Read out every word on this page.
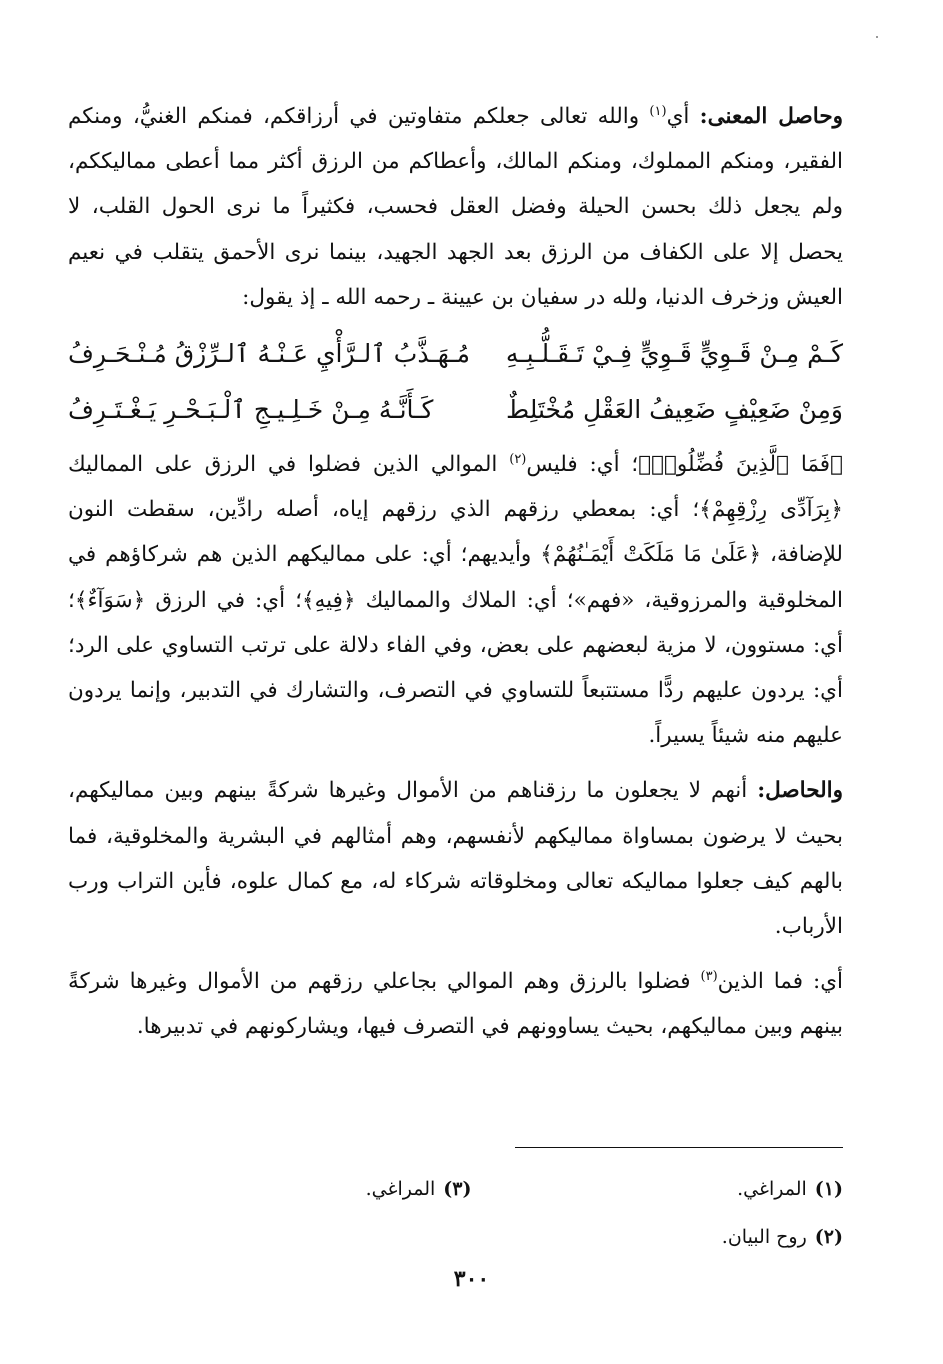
وحاصل المعنى: أي$^{(١)}$ والله تعالى جعلكم متفاوتين في أرزاقكم، فمنكم الغنيُّ، ومنكم الفقير، ومنكم المملوك، ومنكم المالك، وأعطاكم من الرزق أكثر مما أعطى مماليككم، ولم يجعل ذلك بحسن الحيلة وفضل العقل فحسب، فكثيراً ما نرى الحول القلب، لا يحصل إلا على الكفاف من الرزق بعد الجهد الجهيد، بينما نرى الأحمق يتقلب في نعيم العيش وزخرف الدنيا، ولله در سفيان بن عيينة ـ رحمه الله ـ إذ يقول:

كَـمْ مِـنْ قَـوِيٍّ قَـوِيٍّ فِـيْ تَـقَـلُّـبِـهِ
مُـهَـذَّبُ ٱلـرَّأْيِ عَـنْـهُ ٱلـرِّزْقُ مُـنْـحَـرِفُ
وَمِنْ ضَعِيْفٍ ضَعِيفُ العَقْلِ مُخْتَلِطٌ
كَـأَنَّـهُ مِـنْ خَـلِـيـجِ ٱلْـبَـحْـرِ يَـغْـتَـرِفُ

﴿فَمَا ٱلَّذِينَ فُضِّلُوا۟﴾؛ أي: فليس$^{(٢)}$ الموالي الذين فضلوا في الرزق على المماليك ﴿بِرَآدِّى رِزْقِهِمْ﴾؛ أي: بمعطي رزقهم الذي رزقهم إياه، أصله رادِّين، سقطت النون للإضافة، ﴿عَلَىٰ مَا مَلَكَتْ أَيْمَـٰنُهُمْ﴾ وأيديهم؛ أي: على مماليكهم الذين هم شركاؤهم في المخلوقية والمرزوقية، «فهم»؛ أي: الملاك والمماليك ﴿فِيهِ﴾؛ أي: في الرزق ﴿سَوَآءٌ﴾؛ أي: مستوون، لا مزية لبعضهم على بعض، وفي الفاء دلالة على ترتب التساوي على الرد؛ أي: يردون عليهم ردًّا مستتبعاً للتساوي في التصرف، والتشارك في التدبير، وإنما يردون عليهم منه شيئاً يسيراً.

والحاصل: أنهم لا يجعلون ما رزقناهم من الأموال وغيرها شركةً بينهم وبين مماليكهم، بحيث لا يرضون بمساواة مماليكهم لأنفسهم، وهم أمثالهم في البشرية والمخلوقية، فما بالهم كيف جعلوا مماليكه تعالى ومخلوقاته شركاء له، مع كمال علوه، فأين التراب ورب الأرباب.

أي: فما الذين$^{(٣)}$ فضلوا بالرزق وهم الموالي بجاعلي رزقهم من الأموال وغيرها شركةً بينهم وبين مماليكهم، بحيث يساوونهم في التصرف فيها، ويشاركونهم في تدبيرها.

(١)المراغي.
(٣)المراغي.
(٢)روح البيان.
٣٠٠
